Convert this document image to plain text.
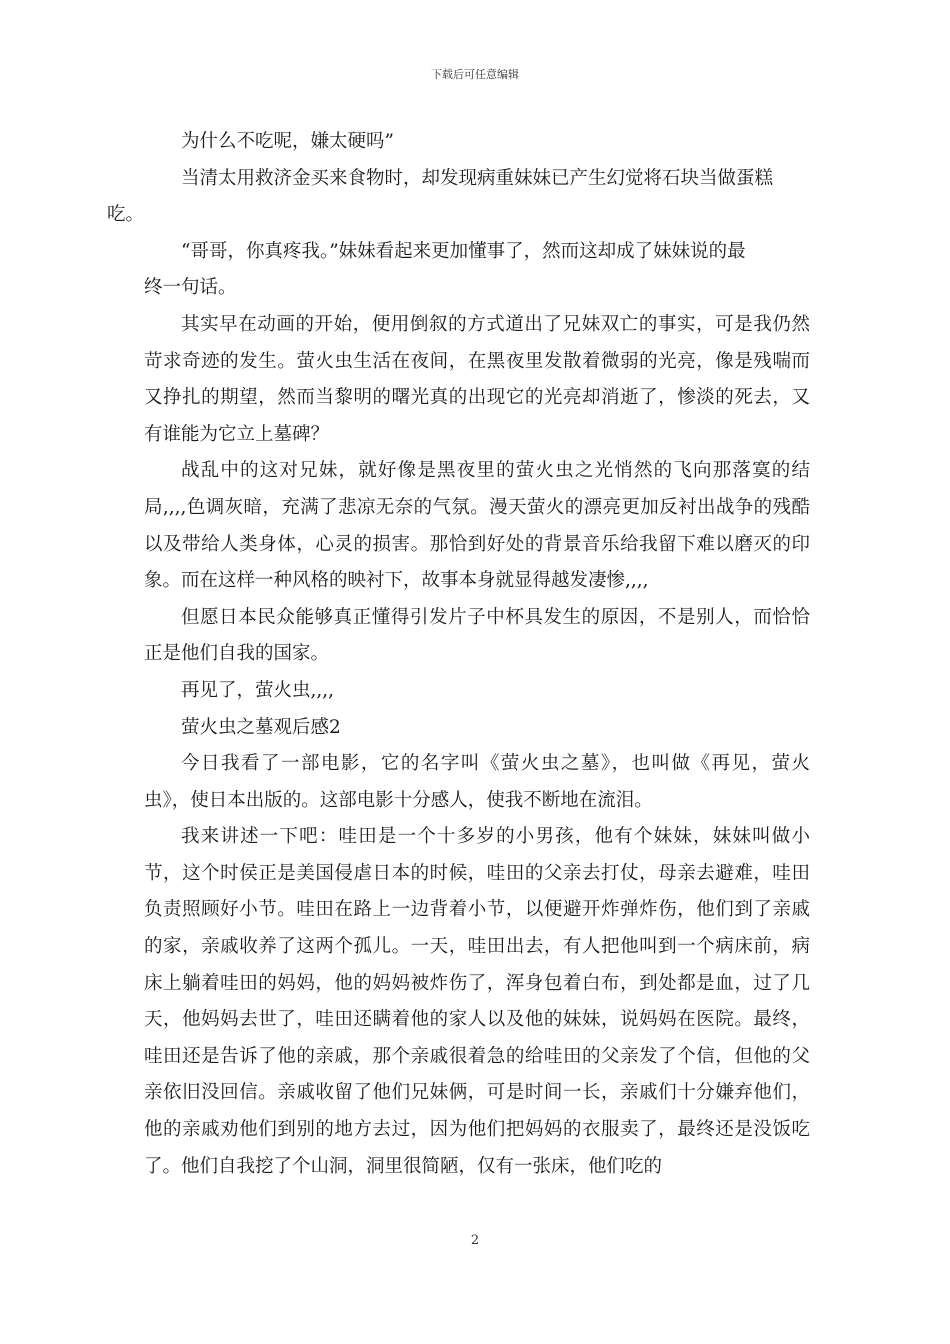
下载后可任意编辑

为什么不吃呢，嫌太硬吗”

当清太用救济金买来食物时，却发现病重妹妹已产生幻觉将石块当做蛋糕
吃。

“哥哥，你真疼我。”妹妹看起来更加懂事了，然而这却成了妹妹说的最
终一句话。

其实早在动画的开始，便用倒叙的方式道出了兄妹双亡的事实，可是我仍然苛求奇迹的发生。萤火虫生活在夜间，在黑夜里发散着微弱的光亮，像是残喘而又挣扎的期望，然而当黎明的曙光真的出现它的光亮却消逝了，惨淡的死去，又有谁能为它立上墓碑？

战乱中的这对兄妹，就好像是黑夜里的萤火虫之光悄然的飞向那落寞的结局,,,,色调灰暗，充满了悲凉无奈的气氛。漫天萤火的漂亮更加反衬出战争的残酷以及带给人类身体，心灵的损害。那恰到好处的背景音乐给我留下难以磨灭的印象。而在这样一种风格的映衬下，故事本身就显得越发凄惨,,,,

但愿日本民众能够真正懂得引发片子中杯具发生的原因，不是别人，而恰恰正是他们自我的国家。

再见了，萤火虫,,,,

萤火虫之墓观后感2

今日我看了一部电影，它的名字叫《萤火虫之墓》，也叫做《再见，萤火虫》，使日本出版的。这部电影十分感人，使我不断地在流泪。

我来讲述一下吧：哇田是一个十多岁的小男孩，他有个妹妹，妹妹叫做小节，这个时侯正是美国侵虐日本的时候，哇田的父亲去打仗，母亲去避难，哇田负责照顾好小节。哇田在路上一边背着小节，以便避开炸弹炸伤，他们到了亲戚的家，亲戚收养了这两个孤儿。一天，哇田出去，有人把他叫到一个病床前，病床上躺着哇田的妈妈，他的妈妈被炸伤了，浑身包着白布，到处都是血，过了几天，他妈妈去世了，哇田还瞒着他的家人以及他的妹妹，说妈妈在医院。最终，哇田还是告诉了他的亲戚，那个亲戚很着急的给哇田的父亲发了个信，但他的父亲依旧没回信。亲戚收留了他们兄妹俩，可是时间一长，亲戚们十分嫌弃他们，他的亲戚劝他们到别的地方去过，因为他们把妈妈的衣服卖了，最终还是没饭吃了。他们自我挖了个山洞，洞里很简陋，仅有一张床，他们吃的

2
